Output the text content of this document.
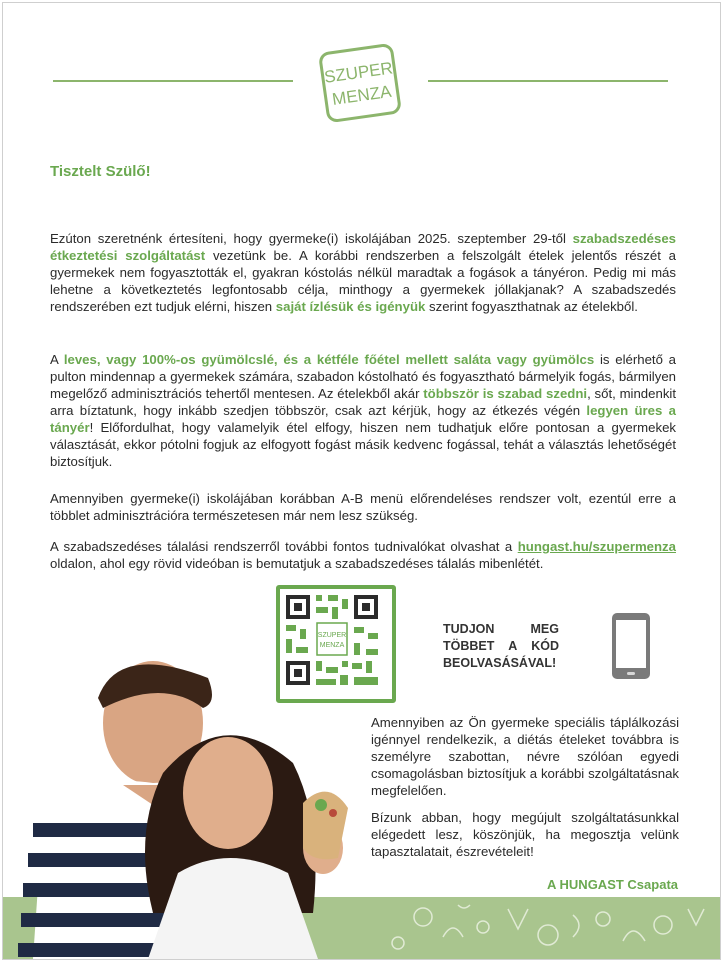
SZUPER
MENZA
Tisztelt Szülő!
Ezúton szeretnénk értesíteni, hogy gyermeke(i) iskolájában 2025. szeptember 29-től szabadszedéses étkeztetési szolgáltatást vezetünk be. A korábbi rendszerben a felszolgált ételek jelentős részét a gyermekek nem fogyasztották el, gyakran kóstolás nélkül maradtak a fogások a tányéron. Pedig mi más lehetne a következtetés legfontosabb célja, minthogy a gyermekek jóllakjanak? A szabadszedés rendszerében ezt tudjuk elérni, hiszen saját ízlésük és igényük szerint fogyaszthatnak az ételekből.
A leves, vagy 100%-os gyümölcslé, és a kétféle főétel mellett saláta vagy gyümölcs is elérhető a pulton mindennap a gyermekek számára, szabadon kóstolható és fogyasztható bármelyik fogás, bármilyen megelőző adminisztrációs tehertől mentesen. Az ételekből akár többször is szabad szedni, sőt, mindenkit arra bíztatunk, hogy inkább szedjen többször, csak azt kérjük, hogy az étkezés végén legyen üres a tányér! Előfordulhat, hogy valamelyik étel elfogy, hiszen nem tudhatjuk előre pontosan a gyermekek választását, ekkor pótolni fogjuk az elfogyott fogást másik kedvenc fogással, tehát a választás lehetőségét biztosítjuk.
Amennyiben gyermeke(i) iskolájában korábban A-B menü előrendeléses rendszer volt, ezentúl erre a többlet adminisztrációra természetesen már nem lesz szükség.
A szabadszedéses tálalási rendszerről további fontos tudnivalókat olvashat a hungast.hu/szupermenza oldalon, ahol egy rövid videóban is bemutatjuk a szabadszedéses tálalás mibenlétét.
SZUPER
MENZA
TUDJON MEG
TÖBBET A KÓD
BEOLVASÁSÁVAL!
Amennyiben az Ön gyermeke speciális táplálkozási igénnyel rendelkezik, a diétás ételeket továbbra is személyre szabottan, névre szólóan egyedi csomagolásban biztosítjuk a korábbi szolgáltatásnak megfelelően.
Bízunk abban, hogy megújult szolgáltatásunkkal elégedett lesz, köszönjük, ha megosztja velünk tapasztalatait, észrevételeit!
A HUNGAST Csapata
